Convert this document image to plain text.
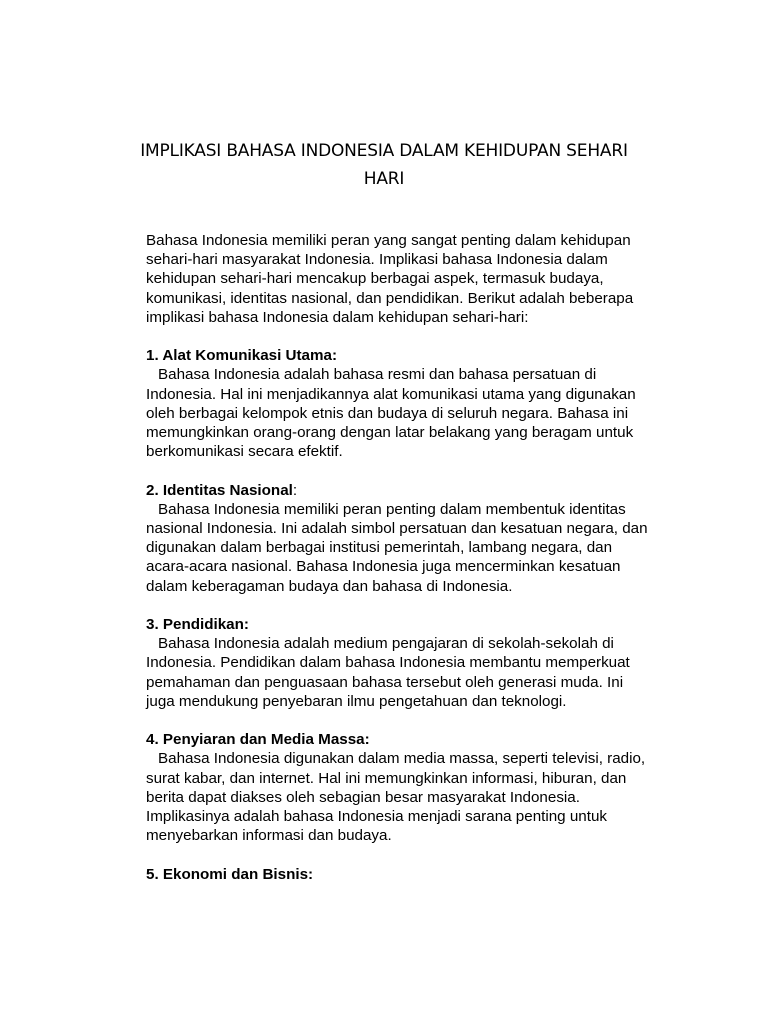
IMPLIKASI BAHASA INDONESIA DALAM KEHIDUPAN SEHARI
HARI
Bahasa Indonesia memiliki peran yang sangat penting dalam kehidupan
sehari-hari masyarakat Indonesia. Implikasi bahasa Indonesia dalam
kehidupan sehari-hari mencakup berbagai aspek, termasuk budaya,
komunikasi, identitas nasional, dan pendidikan. Berikut adalah beberapa
implikasi bahasa Indonesia dalam kehidupan sehari-hari:
1. Alat Komunikasi Utama:
Bahasa Indonesia adalah bahasa resmi dan bahasa persatuan di
Indonesia. Hal ini menjadikannya alat komunikasi utama yang digunakan
oleh berbagai kelompok etnis dan budaya di seluruh negara. Bahasa ini
memungkinkan orang-orang dengan latar belakang yang beragam untuk
berkomunikasi secara efektif.
2. Identitas Nasional:
Bahasa Indonesia memiliki peran penting dalam membentuk identitas
nasional Indonesia. Ini adalah simbol persatuan dan kesatuan negara, dan
digunakan dalam berbagai institusi pemerintah, lambang negara, dan
acara-acara nasional. Bahasa Indonesia juga mencerminkan kesatuan
dalam keberagaman budaya dan bahasa di Indonesia.
3. Pendidikan:
Bahasa Indonesia adalah medium pengajaran di sekolah-sekolah di
Indonesia. Pendidikan dalam bahasa Indonesia membantu memperkuat
pemahaman dan penguasaan bahasa tersebut oleh generasi muda. Ini
juga mendukung penyebaran ilmu pengetahuan dan teknologi.
4. Penyiaran dan Media Massa:
Bahasa Indonesia digunakan dalam media massa, seperti televisi, radio,
surat kabar, dan internet. Hal ini memungkinkan informasi, hiburan, dan
berita dapat diakses oleh sebagian besar masyarakat Indonesia.
Implikasinya adalah bahasa Indonesia menjadi sarana penting untuk
menyebarkan informasi dan budaya.
5. Ekonomi dan Bisnis:
